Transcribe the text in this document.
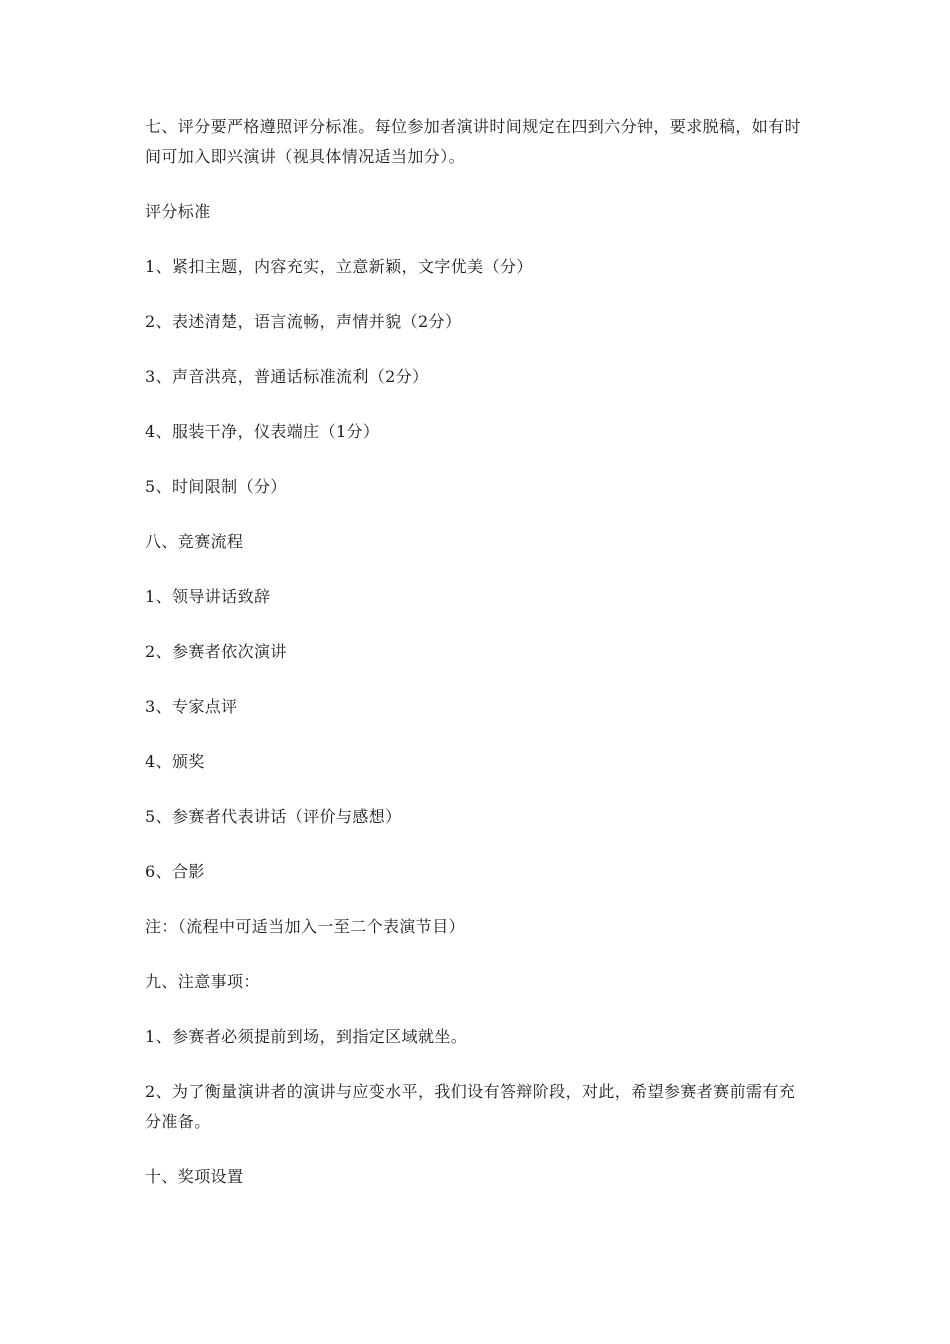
七、评分要严格遵照评分标准。每位参加者演讲时间规定在四到六分钟，要求脱稿，如有时间可加入即兴演讲（视具体情况适当加分）。

评分标准

1、紧扣主题，内容充实，立意新颖，文字优美（分）

2、表述清楚，语言流畅，声情并貌（2分）

3、声音洪亮，普通话标准流利（2分）

4、服装干净，仪表端庄（1分）

5、时间限制（分）

八、竞赛流程

1、领导讲话致辞

2、参赛者依次演讲

3、专家点评

4、颁奖

5、参赛者代表讲话（评价与感想）

6、合影

注：（流程中可适当加入一至二个表演节目）

九、注意事项：

1、参赛者必须提前到场，到指定区域就坐。

2、为了衡量演讲者的演讲与应变水平，我们设有答辩阶段，对此，希望参赛者赛前需有充分准备。

十、奖项设置
